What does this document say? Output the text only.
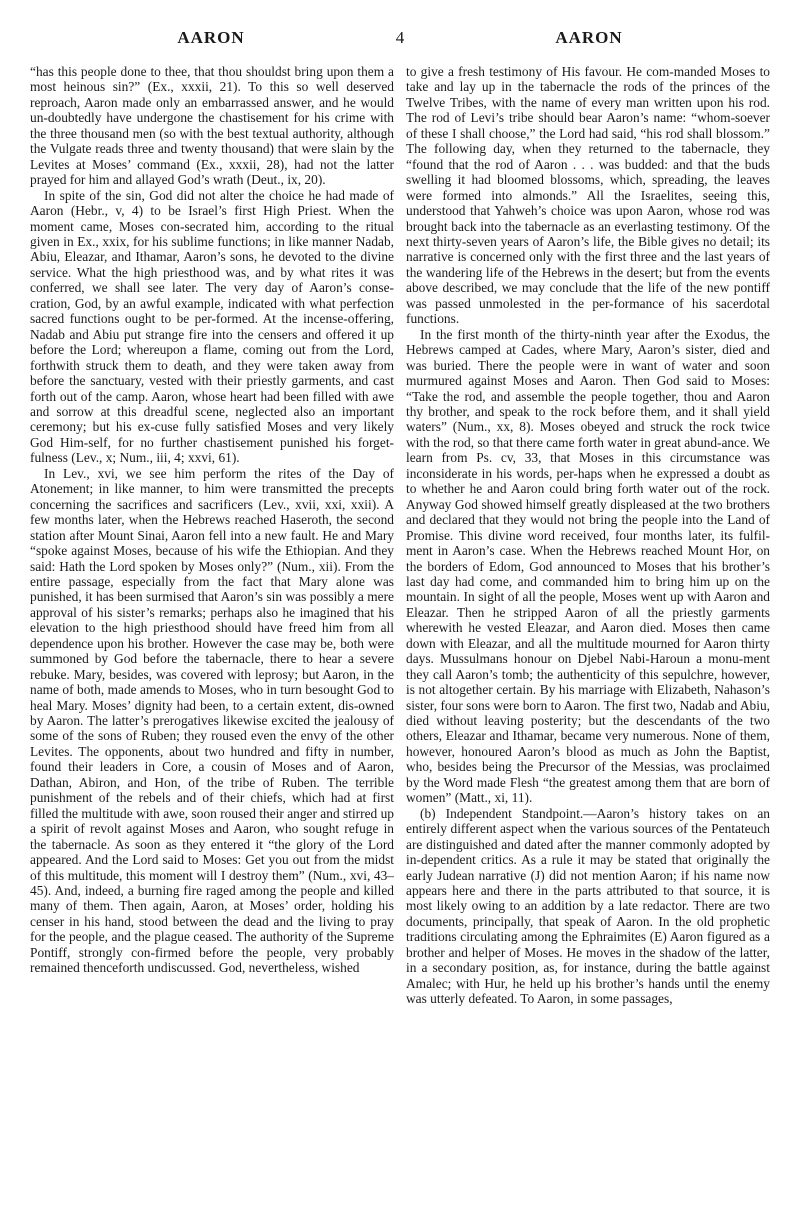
AARON	4	AARON

“has this people done to thee, that thou shouldst bring upon them a most heinous sin?” (Ex., xxxii, 21). To this so well deserved reproach, Aaron made only an embarrassed answer, and he would un-doubtedly have undergone the chastisement for his crime with the three thousand men (so with the best textual authority, although the Vulgate reads three and twenty thousand) that were slain by the Levites at Moses’ command (Ex., xxxii, 28), had not the latter prayed for him and allayed God’s wrath (Deut., ix, 20).

In spite of the sin, God did not alter the choice he had made of Aaron (Hebr., v, 4) to be Israel’s first High Priest. When the moment came, Moses con-secrated him, according to the ritual given in Ex., xxix, for his sublime functions; in like manner Nadab, Abiu, Eleazar, and Ithamar, Aaron’s sons, he devoted to the divine service. What the high priesthood was, and by what rites it was conferred, we shall see later. The very day of Aaron’s conse-cration, God, by an awful example, indicated with what perfection sacred functions ought to be per-formed. At the incense-offering, Nadab and Abiu put strange fire into the censers and offered it up before the Lord; whereupon a flame, coming out from the Lord, forthwith struck them to death, and they were taken away from before the sanctuary, vested with their priestly garments, and cast forth out of the camp. Aaron, whose heart had been filled with awe and sorrow at this dreadful scene, neglected also an important ceremony; but his ex-cuse fully satisfied Moses and very likely God Him-self, for no further chastisement punished his forget-fulness (Lev., x; Num., iii, 4; xxvi, 61).

In Lev., xvi, we see him perform the rites of the Day of Atonement; in like manner, to him were transmitted the precepts concerning the sacrifices and sacrificers (Lev., xvii, xxi, xxii). A few months later, when the Hebrews reached Haseroth, the second station after Mount Sinai, Aaron fell into a new fault. He and Mary “spoke against Moses, because of his wife the Ethiopian. And they said: Hath the Lord spoken by Moses only?” (Num., xii). From the entire passage, especially from the fact that Mary alone was punished, it has been surmised that Aaron’s sin was possibly a mere approval of his sister’s remarks; perhaps also he imagined that his elevation to the high priesthood should have freed him from all dependence upon his brother. However the case may be, both were summoned by God before the tabernacle, there to hear a severe rebuke. Mary, besides, was covered with leprosy; but Aaron, in the name of both, made amends to Moses, who in turn besought God to heal Mary. Moses’ dignity had been, to a certain extent, dis-owned by Aaron. The latter’s prerogatives likewise excited the jealousy of some of the sons of Ruben; they roused even the envy of the other Levites. The opponents, about two hundred and fifty in number, found their leaders in Core, a cousin of Moses and of Aaron, Dathan, Abiron, and Hon, of the tribe of Ruben. The terrible punishment of the rebels and of their chiefs, which had at first filled the multitude with awe, soon roused their anger and stirred up a spirit of revolt against Moses and Aaron, who sought refuge in the tabernacle. As soon as they entered it “the glory of the Lord appeared. And the Lord said to Moses: Get you out from the midst of this multitude, this moment will I destroy them” (Num., xvi, 43–45). And, indeed, a burning fire raged among the people and killed many of them. Then again, Aaron, at Moses’ order, holding his censer in his hand, stood between the dead and the living to pray for the people, and the plague ceased. The authority of the Supreme Pontiff, strongly con-firmed before the people, very probably remained thenceforth undiscussed. God, nevertheless, wished

to give a fresh testimony of His favour. He com-manded Moses to take and lay up in the tabernacle the rods of the princes of the Twelve Tribes, with the name of every man written upon his rod. The rod of Levi’s tribe should bear Aaron’s name: “whom-soever of these I shall choose,” the Lord had said, “his rod shall blossom.” The following day, when they returned to the tabernacle, they “found that the rod of Aaron . . . was budded: and that the buds swelling it had bloomed blossoms, which, spreading, the leaves were formed into almonds.” All the Israelites, seeing this, understood that Yahweh’s choice was upon Aaron, whose rod was brought back into the tabernacle as an everlasting testimony. Of the next thirty-seven years of Aaron’s life, the Bible gives no detail; its narrative is concerned only with the first three and the last years of the wandering life of the Hebrews in the desert; but from the events above described, we may conclude that the life of the new pontiff was passed unmolested in the per-formance of his sacerdotal functions.

In the first month of the thirty-ninth year after the Exodus, the Hebrews camped at Cades, where Mary, Aaron’s sister, died and was buried. There the people were in want of water and soon murmured against Moses and Aaron. Then God said to Moses: “Take the rod, and assemble the people together, thou and Aaron thy brother, and speak to the rock before them, and it shall yield waters” (Num., xx, 8). Moses obeyed and struck the rock twice with the rod, so that there came forth water in great abund-ance. We learn from Ps. cv, 33, that Moses in this circumstance was inconsiderate in his words, per-haps when he expressed a doubt as to whether he and Aaron could bring forth water out of the rock. Anyway God showed himself greatly displeased at the two brothers and declared that they would not bring the people into the Land of Promise. This divine word received, four months later, its fulfil-ment in Aaron’s case. When the Hebrews reached Mount Hor, on the borders of Edom, God announced to Moses that his brother’s last day had come, and commanded him to bring him up on the mountain. In sight of all the people, Moses went up with Aaron and Eleazar. Then he stripped Aaron of all the priestly garments wherewith he vested Eleazar, and Aaron died. Moses then came down with Eleazar, and all the multitude mourned for Aaron thirty days. Mussulmans honour on Djebel Nabi-Haroun a monu-ment they call Aaron’s tomb; the authenticity of this sepulchre, however, is not altogether certain. By his marriage with Elizabeth, Nahason’s sister, four sons were born to Aaron. The first two, Nadab and Abiu, died without leaving posterity; but the descendants of the two others, Eleazar and Ithamar, became very numerous. None of them, however, honoured Aaron’s blood as much as John the Baptist, who, besides being the Precursor of the Messias, was proclaimed by the Word made Flesh “the greatest among them that are born of women” (Matt., xi, 11).

(b) Independent Standpoint.—Aaron’s history takes on an entirely different aspect when the various sources of the Pentateuch are distinguished and dated after the manner commonly adopted by in-dependent critics. As a rule it may be stated that originally the early Judean narrative (J) did not mention Aaron; if his name now appears here and there in the parts attributed to that source, it is most likely owing to an addition by a late redactor. There are two documents, principally, that speak of Aaron. In the old prophetic traditions circulating among the Ephraimites (E) Aaron figured as a brother and helper of Moses. He moves in the shadow of the latter, in a secondary position, as, for instance, during the battle against Amalec; with Hur, he held up his brother’s hands until the enemy was utterly defeated. To Aaron, in some passages,
